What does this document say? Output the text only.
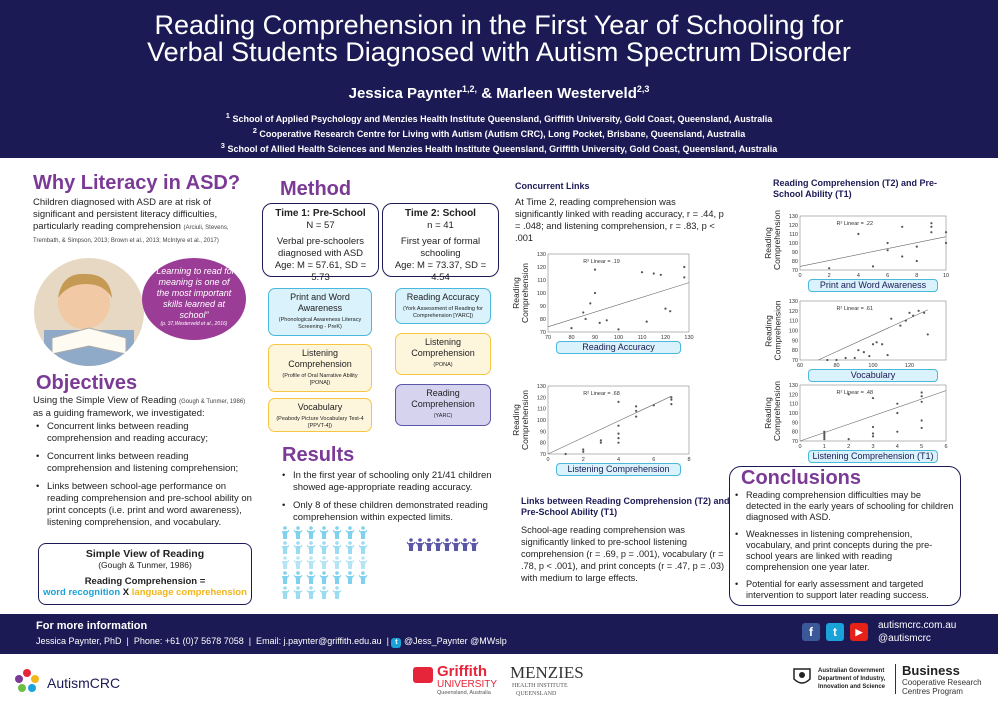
Reading Comprehension in the First Year of Schooling for
Verbal Students Diagnosed with Autism Spectrum Disorder
Jessica Paynter$^{1,2,}$ & Marleen Westerveld$^{2,3}$
$^1$ School of Applied Psychology and Menzies Health Institute Queensland, Griffith University, Gold Coast, Queensland, Australia
$^2$ Cooperative Research Centre for Living with Autism (Autism CRC), Long Pocket, Brisbane, Queensland, Australia
$^3$ School of Allied Health Sciences and Menzies Health Institute Queensland, Griffith University, Gold Coast, Queensland, Australia
Why Literacy in ASD?
Children diagnosed with ASD are at risk of significant and persistent literacy difficulties, particularly reading comprehension (Arciuli, Stevens, Trembath, & Simpson, 2013; Brown et al., 2013; McIntyre et al., 2017)
“Learning to read for meaning is one of the most important skills learned at school”
(p. 37,Westerveld et al., 2016)
Objectives
Using the Simple View of Reading (Gough & Tunmer, 1986) as a guiding framework, we investigated:
• Concurrent links between reading comprehension and reading accuracy;
• Concurrent links between reading comprehension and listening comprehension;
• Links between school-age performance on reading comprehension and pre-school ability on print concepts (i.e. print and word awareness), listening comprehension, and vocabulary.
Simple View of Reading
(Gough & Tunmer, 1986)
Reading Comprehension =
word recognition X language comprehension
Method
Time 1: Pre-School
N = 57
Verbal pre-schoolers diagnosed with ASD
Age: M = 57.61, SD = 5.73
Time 2: School
n = 41
First year of formal schooling
Age: M = 73.37, SD = 4.54
Print and Word Awareness
(Phonological Awareness Literacy Screening - PreK)
Listening Comprehension
(Profile of Oral Narrative Ability [PONA])
Vocabulary
(Peabody Picture Vocabulary Test-4 [PPVT-4])
Reading Accuracy
(York Assessment of Reading for Comprehension [YARC])
Listening Comprehension
(PONA)
Reading Comprehension
(YARC)
Results
• In the first year of schooling only 21/41 children showed age-appropriate reading accuracy.
• Only 8 of these children demonstrated reading comprehension within expected limits.
Concurrent Links
At Time 2, reading comprehension was significantly linked with reading accuracy, r = .44, p = .048; and listening comprehension, r = .83, p < .001
Links between Reading Comprehension (T2) and Pre-School Ability (T1)
School-age reading comprehension was significantly linked to pre-school listening comprehension (r = .69, p = .001), vocabulary (r = .78, p < .001), and print concepts (r = .47, p = .03) with medium to large effects.
Reading Comprehension (T2) and Pre-School Ability (T1)
Conclusions
• Reading comprehension difficulties may be detected in the early years of schooling for children diagnosed with ASD.
• Weaknesses in listening comprehension, vocabulary, and print concepts during the pre-school years are linked with reading comprehension one year later.
• Potential for early assessment and targeted intervention to support later reading success.
70
80
90
100
110
120
130
70	80	90	100	110	120	130
R² Linear = .19
Reading Comprehension
Reading Accuracy
70
80
90
100
110
120
130
0	2	4	6	8
R² Linear = .68
Reading Comprehension
Listening Comprehension
70
80
90
100
110
120
130
0	2	4	6	8	10
R² Linear = .22
Reading Comprehension
Print and Word Awareness
70
80
90
100
110
120
130
60	80	100	120
R² Linear = .61
Reading Comprehension
Vocabulary
70
80
90
100
110
120
130
0	1	2	3	4	5	6
R² Linear = .48
Reading Comprehension
Listening Comprehension (T1)
For more information
Jessica Paynter, PhD  |  Phone: +61 (0)7 5678 7058  |  Email: j.paynter@griffith.edu.au  | t @Jess_Paynter @MWslp
f	t	▶
autismcrc.com.au
@autismcrc
AutismCRC
Griffith
UNIVERSITY
Queensland, Australia
MENZIES
HEALTH INSTITUTE
QUEENSLAND
Australian Government
Department of Industry,
Innovation and Science
Business
Cooperative Research
Centres Program
